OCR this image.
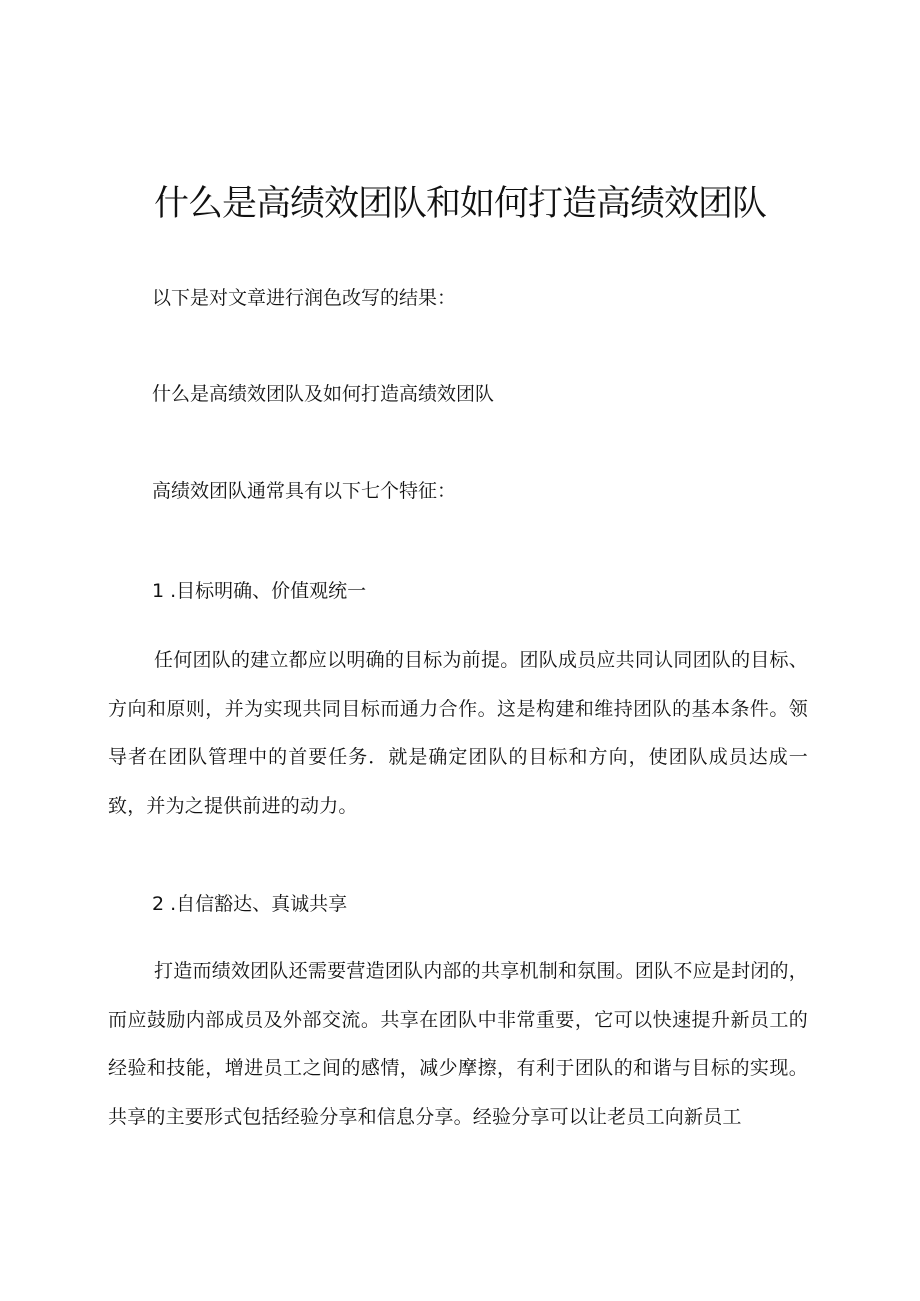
什么是高绩效团队和如何打造高绩效团队

以下是对文章进行润色改写的结果：

什么是高绩效团队及如何打造高绩效团队

高绩效团队通常具有以下七个特征：

1 .目标明确、价值观统一

任何团队的建立都应以明确的目标为前提。团队成员应共同认同团队的目标、方向和原则，并为实现共同目标而通力合作。这是构建和维持团队的基本条件。领导者在团队管理中的首要任务．就是确定团队的目标和方向，使团队成员达成一致，并为之提供前进的动力。

2 .自信豁达、真诚共享

打造而绩效团队还需要营造团队内部的共享机制和氛围。团队不应是封闭的，而应鼓励内部成员及外部交流。共享在团队中非常重要，它可以快速提升新员工的经验和技能，增进员工之间的感情，减少摩擦，有利于团队的和谐与目标的实现。共享的主要形式包括经验分享和信息分享。经验分享可以让老员工向新员工
